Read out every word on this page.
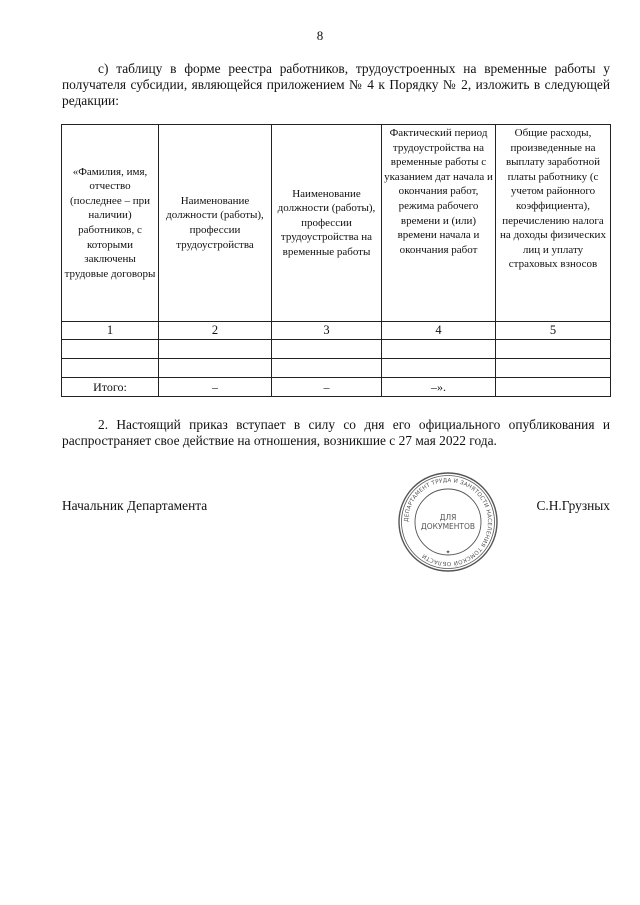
8

с) таблицу в форме реестра работников, трудоустроенных на временные работы у получателя субсидии, являющейся приложением № 4 к Порядку № 2, изложить в следующей редакции:

«Фамилия, имя, отчество (последнее – при наличии) работников, с которыми заключены трудовые договоры	Наименование должности (работы), профессии трудоустройства	Наименование должности (работы), профессии трудоустройства на временные работы	Фактический период трудоустройства на временные работы с указанием дат начала и окончания работ, режима рабочего времени и (или) времени начала и окончания работ	Общие расходы, произведенные на выплату заработной платы работнику (с учетом районного коэффициента), перечислению налога на доходы физических лиц и уплату страховых взносов
1	2	3	4	5

Итого:	–	–	–».	

2. Настоящий приказ вступает в силу со дня его официального опубликования и распространяет свое действие на отношения, возникшие с 27 мая 2022 года.

Начальник Департамента
ДЕПАРТАМЕНТ ТРУДА И ЗАНЯТОСТИ НАСЕЛЕНИЯ ТОМСКОЙ ОБЛАСТИ
ДЛЯ ДОКУМЕНТОВ
✦
С.Н.Грузных
